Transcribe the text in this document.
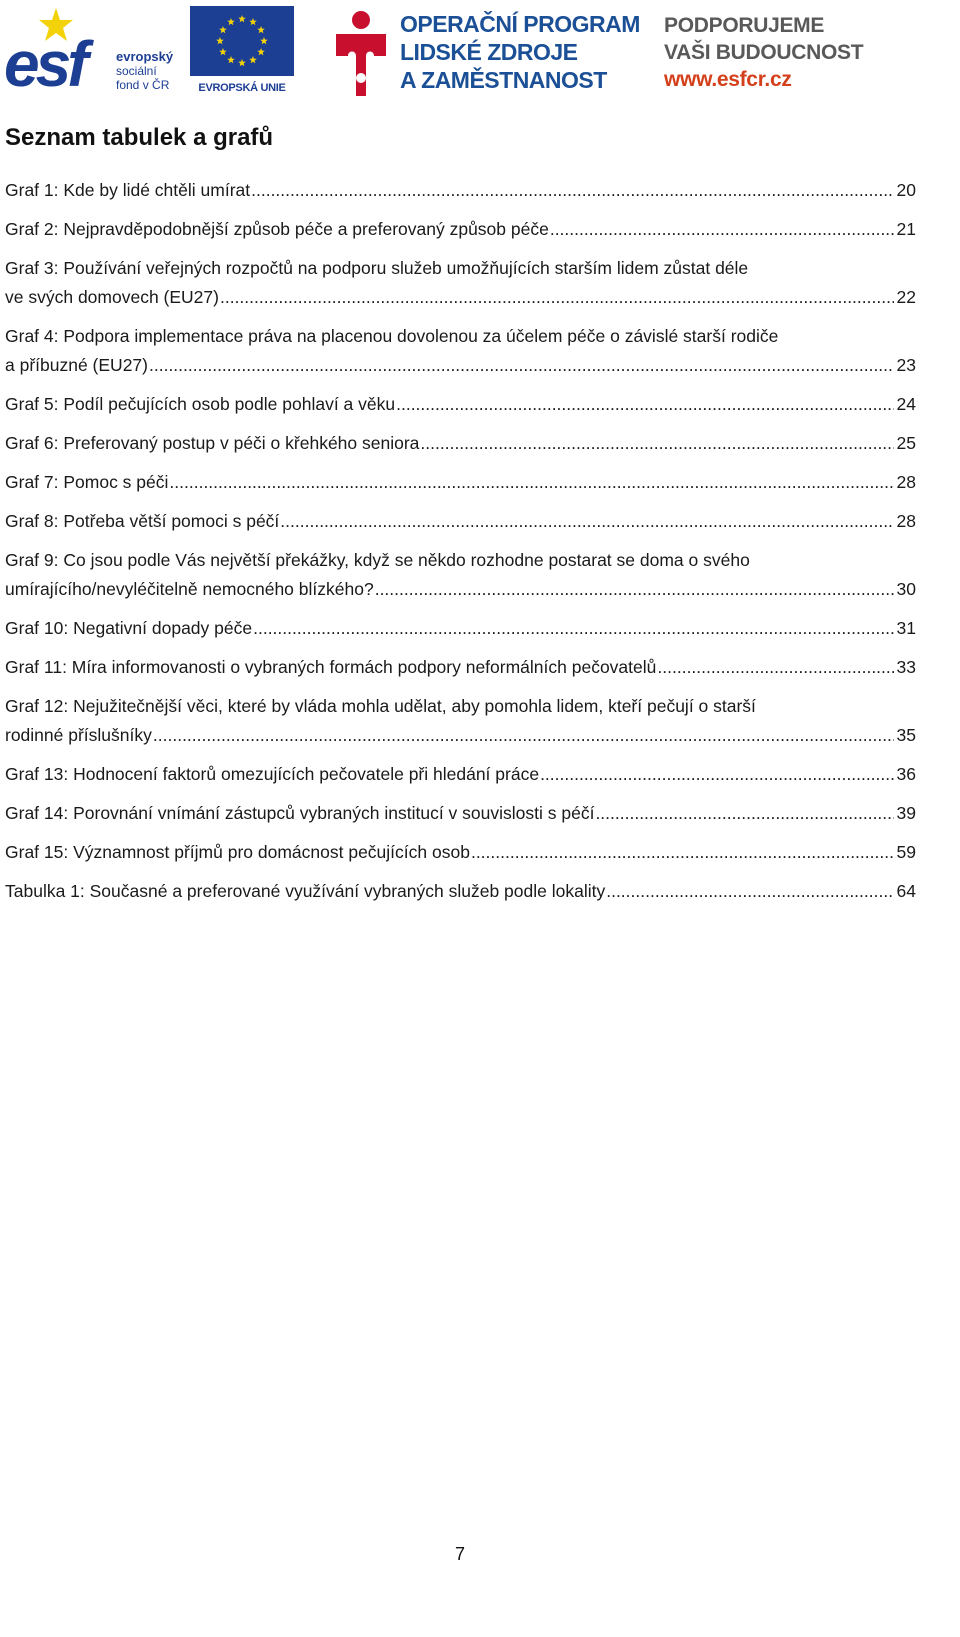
esf evropský
sociální
fond v ČR	EVROPSKÁ UNIE
OPERAČNÍ PROGRAM
LIDSKÉ ZDROJE
A ZAMĚSTNANOST
PODPORUJEME
VAŠI BUDOUCNOST
www.esfcr.cz
Seznam tabulek a grafů
Graf 1: Kde by lidé chtěli umírat .....	20
Graf 2: Nejpravděpodobnější způsob péče a preferovaný způsob péče .....	21
Graf 3: Používání veřejných rozpočtů na podporu služeb umožňujících starším lidem zůstat déle
ve svých domovech (EU27) .....	22
Graf 4: Podpora implementace práva na placenou dovolenou za účelem péče o závislé starší rodiče
a příbuzné (EU27) .....	23
Graf 5: Podíl pečujících osob podle pohlaví a věku .....	24
Graf 6: Preferovaný postup v péči o křehkého seniora .....	25
Graf 7: Pomoc s péči .....	28
Graf 8: Potřeba větší pomoci s péčí .....	28
Graf 9: Co jsou podle Vás největší překážky, když se někdo rozhodne postarat se doma o svého
umírajícího/nevyléčitelně nemocného blízkého? .....	30
Graf 10: Negativní dopady péče .....	31
Graf 11: Míra informovanosti o vybraných formách podpory neformálních pečovatelů .....	33
Graf 12: Nejužitečnější věci, které by vláda mohla udělat, aby pomohla lidem, kteří pečují o starší
rodinné příslušníky .....	35
Graf 13: Hodnocení faktorů omezujících pečovatele při hledání práce .....	36
Graf 14: Porovnání vnímání zástupců vybraných institucí v souvislosti s péčí .....	39
Graf 15: Významnost příjmů pro domácnost pečujících osob .....	59
Tabulka 1: Současné a preferované využívání vybraných služeb podle lokality .....	64
7
